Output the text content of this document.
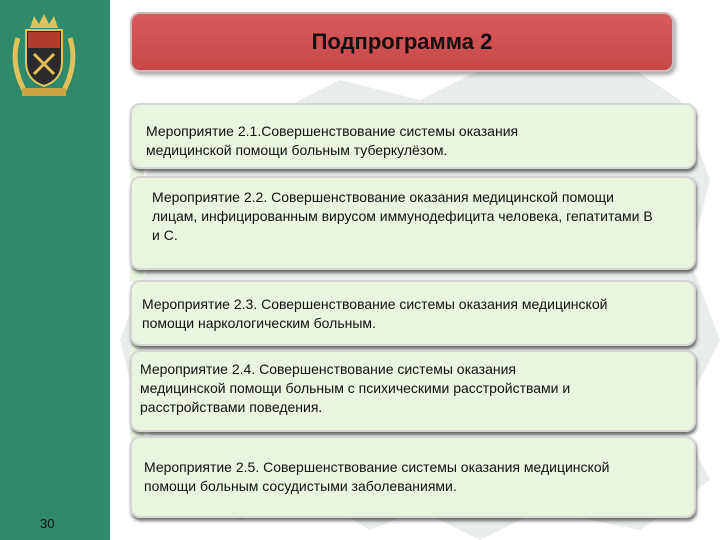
30
Подпрограмма 2
Мероприятие 2.1.Совершенствование системы оказания медицинской помощи больным туберкулёзом.
Мероприятие 2.2. Совершенствование оказания медицинской помощи лицам, инфицированным вирусом иммунодефицита человека, гепатитами В и С.
Мероприятие 2.3. Совершенствование системы оказания медицинской помощи наркологическим больным.
Мероприятие 2.4. Совершенствование системы оказания медицинской помощи больным с психическими расстройствами и расстройствами поведения.
Мероприятие 2.5. Совершенствование системы оказания медицинской помощи больным сосудистыми заболеваниями.
